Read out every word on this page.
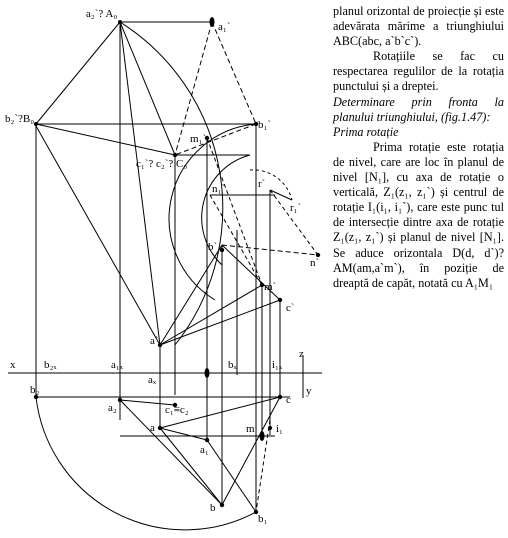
a₂`? A₀
a₁`
b₂`?B₀
m₁`
b₁`
c₁`? c₂`? C₀
n₁`	r`
r₁`
b`
n`
m`
c`
a`
x	b₂ₓ	a₁ₓ
aₓ
bₓ	i₁ₓ
z
y
b₂
a₂	c₁≡c₂
c
a
a₁
m i₁
b
b₁

planul orizontal de proiecție și este adevărata mărime a triunghiului ABC(abc, a`b`c`).

Rotațiile se fac cu respectarea regulilor de la rotația punctului și a dreptei.

Determinare prin fronta la planului triunghiului, (fig.1.47):

Prima rotație

Prima rotație este rotația de nivel, care are loc în planul de nivel [N₁], cu axa de rotație o verticală, Z₁(z₁, z₁`) și centrul de rotație I₁(i₁, i₁`), care este punc tul de intersecție dintre axa de rotație Z₁(z₁, z₁`) și planul de nivel [N₁]. Se aduce orizontala D(d, d`)?AM(am,a`m`), în poziție de dreaptă de capăt, notată cu A₁M₁
